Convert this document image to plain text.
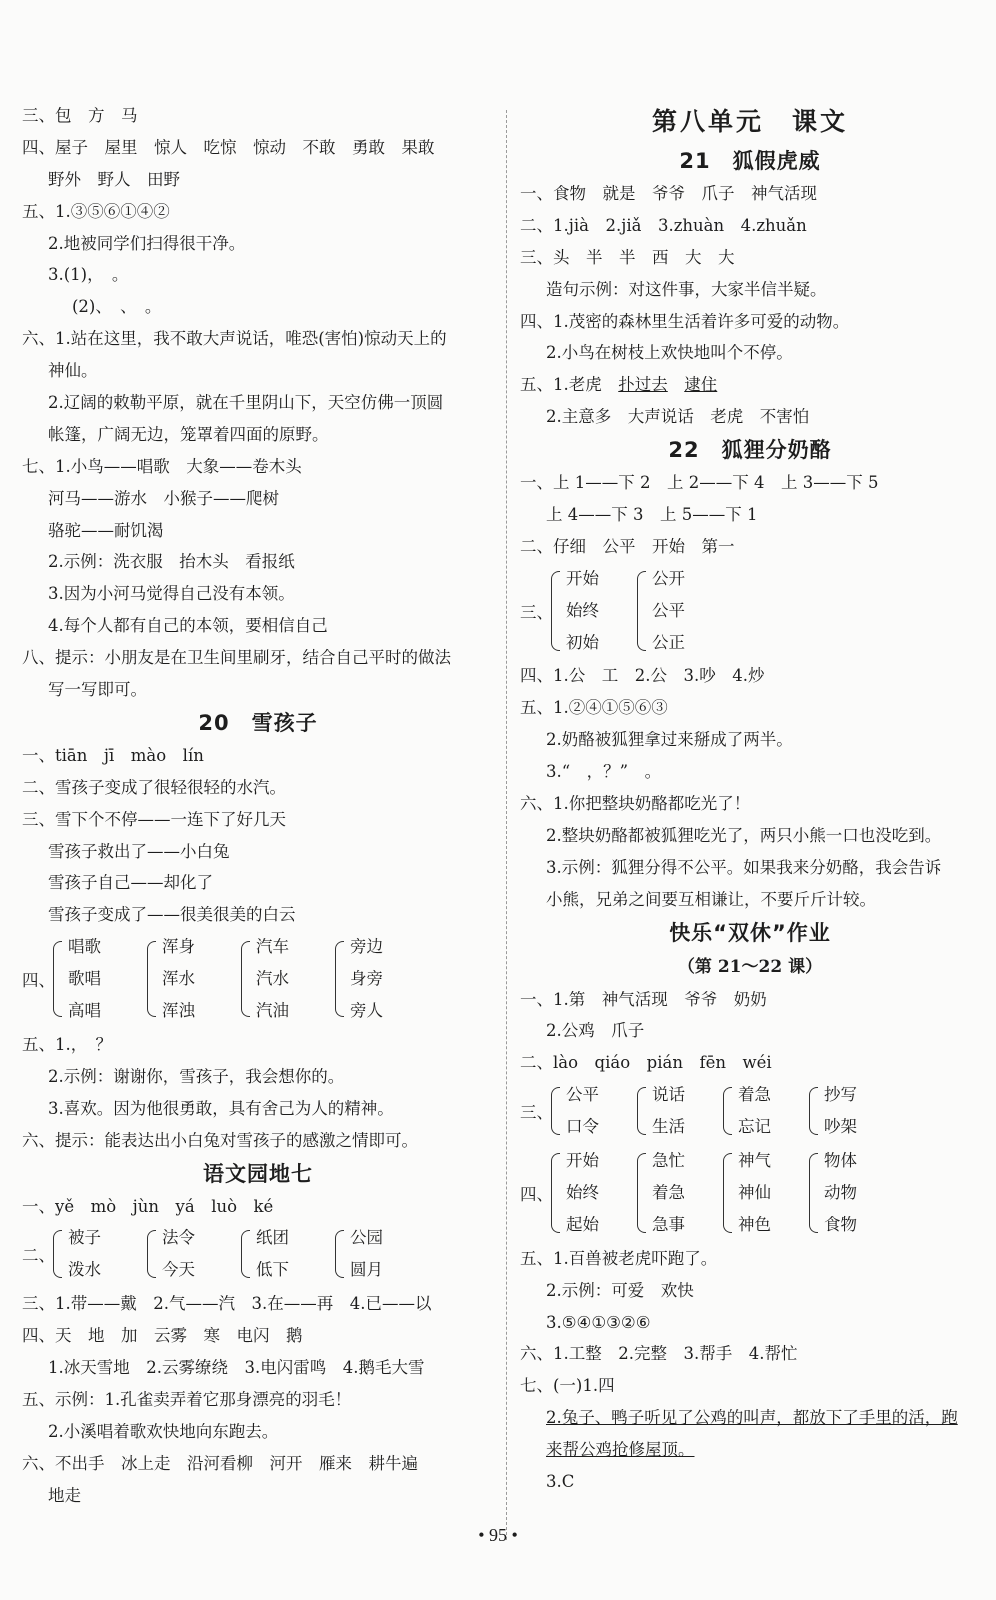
三、包　方　马
四、屋子　屋里　惊人　吃惊　惊动　不敢　勇敢　果敢
野外　野人　田野
五、1.③⑤⑥①④②
2.地被同学们扫得很干净。
3.(1)，　。
(2)、　、　。
六、1.站在这里，我不敢大声说话，唯恐(害怕)惊动天上的
神仙。
2.辽阔的敕勒平原，就在千里阴山下，天空仿佛一顶圆
帐篷，广阔无边，笼罩着四面的原野。
七、1.小鸟——唱歌　大象——卷木头
河马——游水　小猴子——爬树
骆驼——耐饥渴
2.示例：洗衣服　抬木头　看报纸
3.因为小河马觉得自己没有本领。
4.每个人都有自己的本领，要相信自己
八、提示：小朋友是在卫生间里刷牙，结合自己平时的做法
写一写即可。
20　雪孩子
一、tiān　jī　mào　lín
二、雪孩子变成了很轻很轻的水汽。
三、雪下个不停——一连下了好几天
雪孩子救出了——小白兔
雪孩子自己——却化了
雪孩子变成了——很美很美的白云
四、
唱歌
歌唱
高唱
浑身
浑水
浑浊
汽车
汽水
汽油
旁边
身旁
旁人
五、1.，　？
2.示例：谢谢你，雪孩子，我会想你的。
3.喜欢。因为他很勇敢，具有舍己为人的精神。
六、提示：能表达出小白兔对雪孩子的感激之情即可。
语文园地七
一、yě　mò　jùn　yá　luò　ké
二、
被子
泼水
法令
今天
纸团
低下
公园
圆月
三、1.带——戴　2.气——汽　3.在——再　4.已——以
四、天　地　加　云雾　寒　电闪　鹅
1.冰天雪地　2.云雾缭绕　3.电闪雷鸣　4.鹅毛大雪
五、示例：1.孔雀卖弄着它那身漂亮的羽毛！
2.小溪唱着歌欢快地向东跑去。
六、不出手　冰上走　沿河看柳　河开　雁来　耕牛遍
地走
第八单元　课文
21　狐假虎威
一、食物　就是　爷爷　爪子　神气活现
二、1.jià　2.jiǎ　3.zhuàn　4.zhuǎn
三、头　半　半　西　大　大
造句示例：对这件事，大家半信半疑。
四、1.茂密的森林里生活着许多可爱的动物。
2.小鸟在树枝上欢快地叫个不停。
五、1.老虎　扑过去　 逮住
2.主意多　大声说话　老虎　不害怕
22　狐狸分奶酪
一、上 1——下 2　上 2——下 4　上 3——下 5
上 4——下 3　上 5——下 1
二、仔细　公平　开始　第一
三、
开始
始终
初始
公开
公平
公正
四、1.公　工　2.公　3.吵　4.炒
五、1.②④①⑤⑥③
2.奶酪被狐狸拿过来掰成了两半。
3.“　，？”　。
六、1.你把整块奶酪都吃光了！
2.整块奶酪都被狐狸吃光了，两只小熊一口也没吃到。
3.示例：狐狸分得不公平。如果我来分奶酪，我会告诉
小熊，兄弟之间要互相谦让，不要斤斤计较。
快乐“双休”作业
（第 21～22 课）
一、1.第　神气活现　爷爷　奶奶
2.公鸡　爪子
二、lào　qiáo　pián　fēn　wéi
三、
公平
口令
说话
生活
着急
忘记
抄写
吵架
四、
开始
始终
起始
急忙
着急
急事
神气
神仙
神色
物体
动物
食物
五、1.百兽被老虎吓跑了。
2.示例：可爱　欢快
3.⑤④①③②⑥
六、1.工整　2.完整　3.帮手　4.帮忙
七、(一)1.四
2.兔子、鸭子听见了公鸡的叫声，都放下了手里的活，跑
来帮公鸡抢修屋顶。
3.C
• 95 •
